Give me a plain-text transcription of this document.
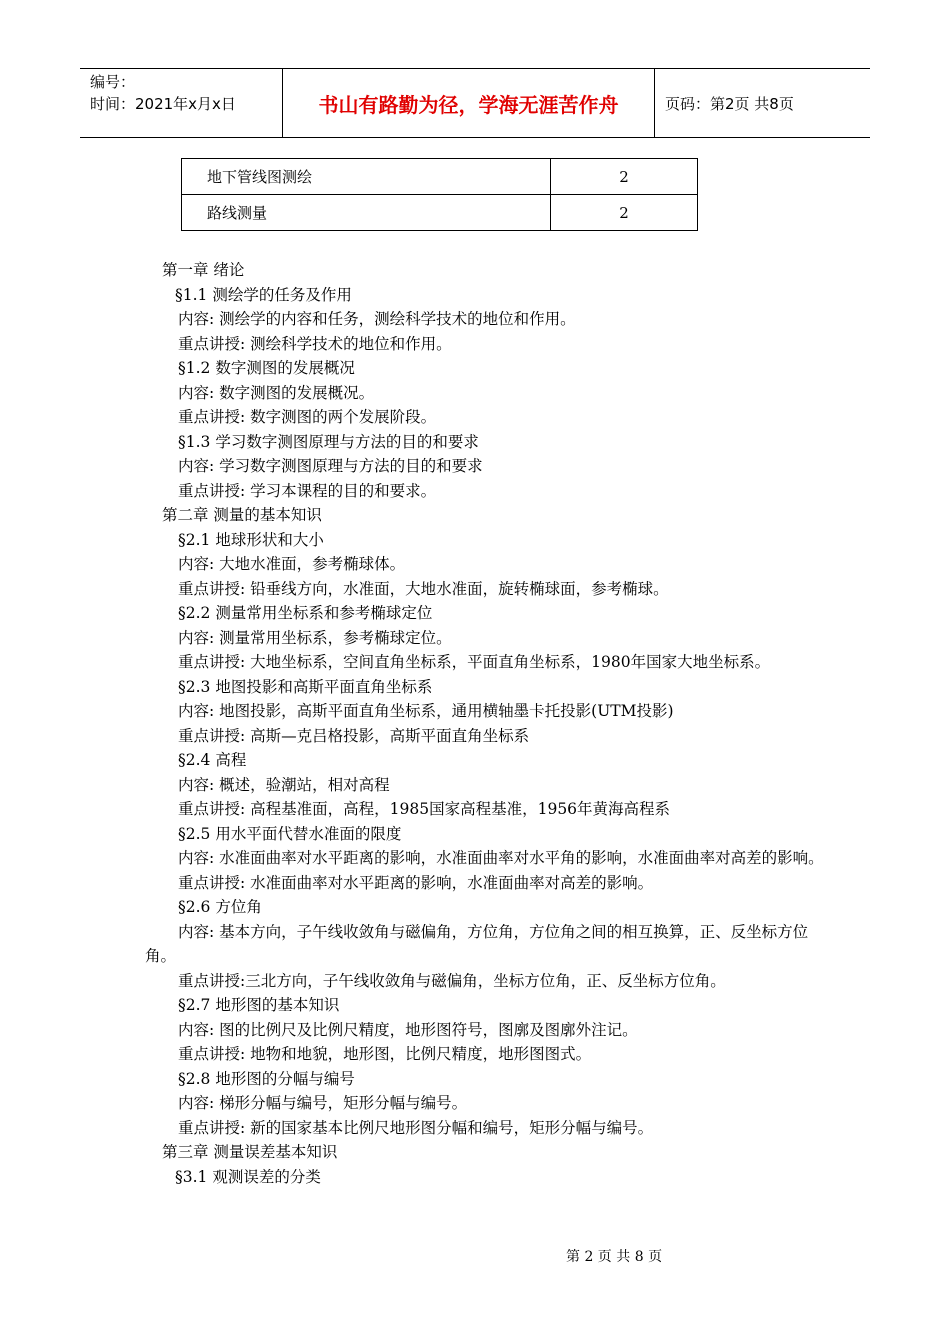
编号：
时间：2021年x月x日	书山有路勤为径，学海无涯苦作舟	页码：第2页 共8页
地下管线图测绘	2
路线测量	2
第一章 绪论
§1.1 测绘学的任务及作用
内容: 测绘学的内容和任务，测绘科学技术的地位和作用。
重点讲授: 测绘科学技术的地位和作用。
§1.2 数字测图的发展概况
内容: 数字测图的发展概况。
重点讲授: 数字测图的两个发展阶段。
§1.3 学习数字测图原理与方法的目的和要求
内容: 学习数字测图原理与方法的目的和要求
重点讲授: 学习本课程的目的和要求。
第二章 测量的基本知识
§2.1 地球形状和大小
内容: 大地水准面，参考椭球体。
重点讲授: 铅垂线方向，水准面，大地水准面，旋转椭球面，参考椭球。
§2.2 测量常用坐标系和参考椭球定位
内容: 测量常用坐标系，参考椭球定位。
重点讲授: 大地坐标系，空间直角坐标系，平面直角坐标系，1980年国家大地坐标系。
§2.3 地图投影和高斯平面直角坐标系
内容: 地图投影，高斯平面直角坐标系，通用横轴墨卡托投影(UTM投影)
重点讲授: 高斯—克吕格投影，高斯平面直角坐标系
§2.4 高程
内容: 概述，验潮站，相对高程
重点讲授: 高程基准面，高程，1985国家高程基准，1956年黄海高程系
§2.5 用水平面代替水准面的限度
内容: 水准面曲率对水平距离的影响，水准面曲率对水平角的影响，水准面曲率对高差的影响。
重点讲授: 水准面曲率对水平距离的影响，水准面曲率对高差的影响。
§2.6 方位角
内容: 基本方向，子午线收敛角与磁偏角，方位角，方位角之间的相互换算，正、反坐标方位角。
重点讲授:三北方向，子午线收敛角与磁偏角，坐标方位角，正、反坐标方位角。
§2.7 地形图的基本知识
内容: 图的比例尺及比例尺精度，地形图符号，图廓及图廓外注记。
重点讲授: 地物和地貌，地形图，比例尺精度，地形图图式。
§2.8 地形图的分幅与编号
内容: 梯形分幅与编号，矩形分幅与编号。
重点讲授: 新的国家基本比例尺地形图分幅和编号，矩形分幅与编号。
第三章 测量误差基本知识
§3.1 观测误差的分类
第 2 页 共 8 页
